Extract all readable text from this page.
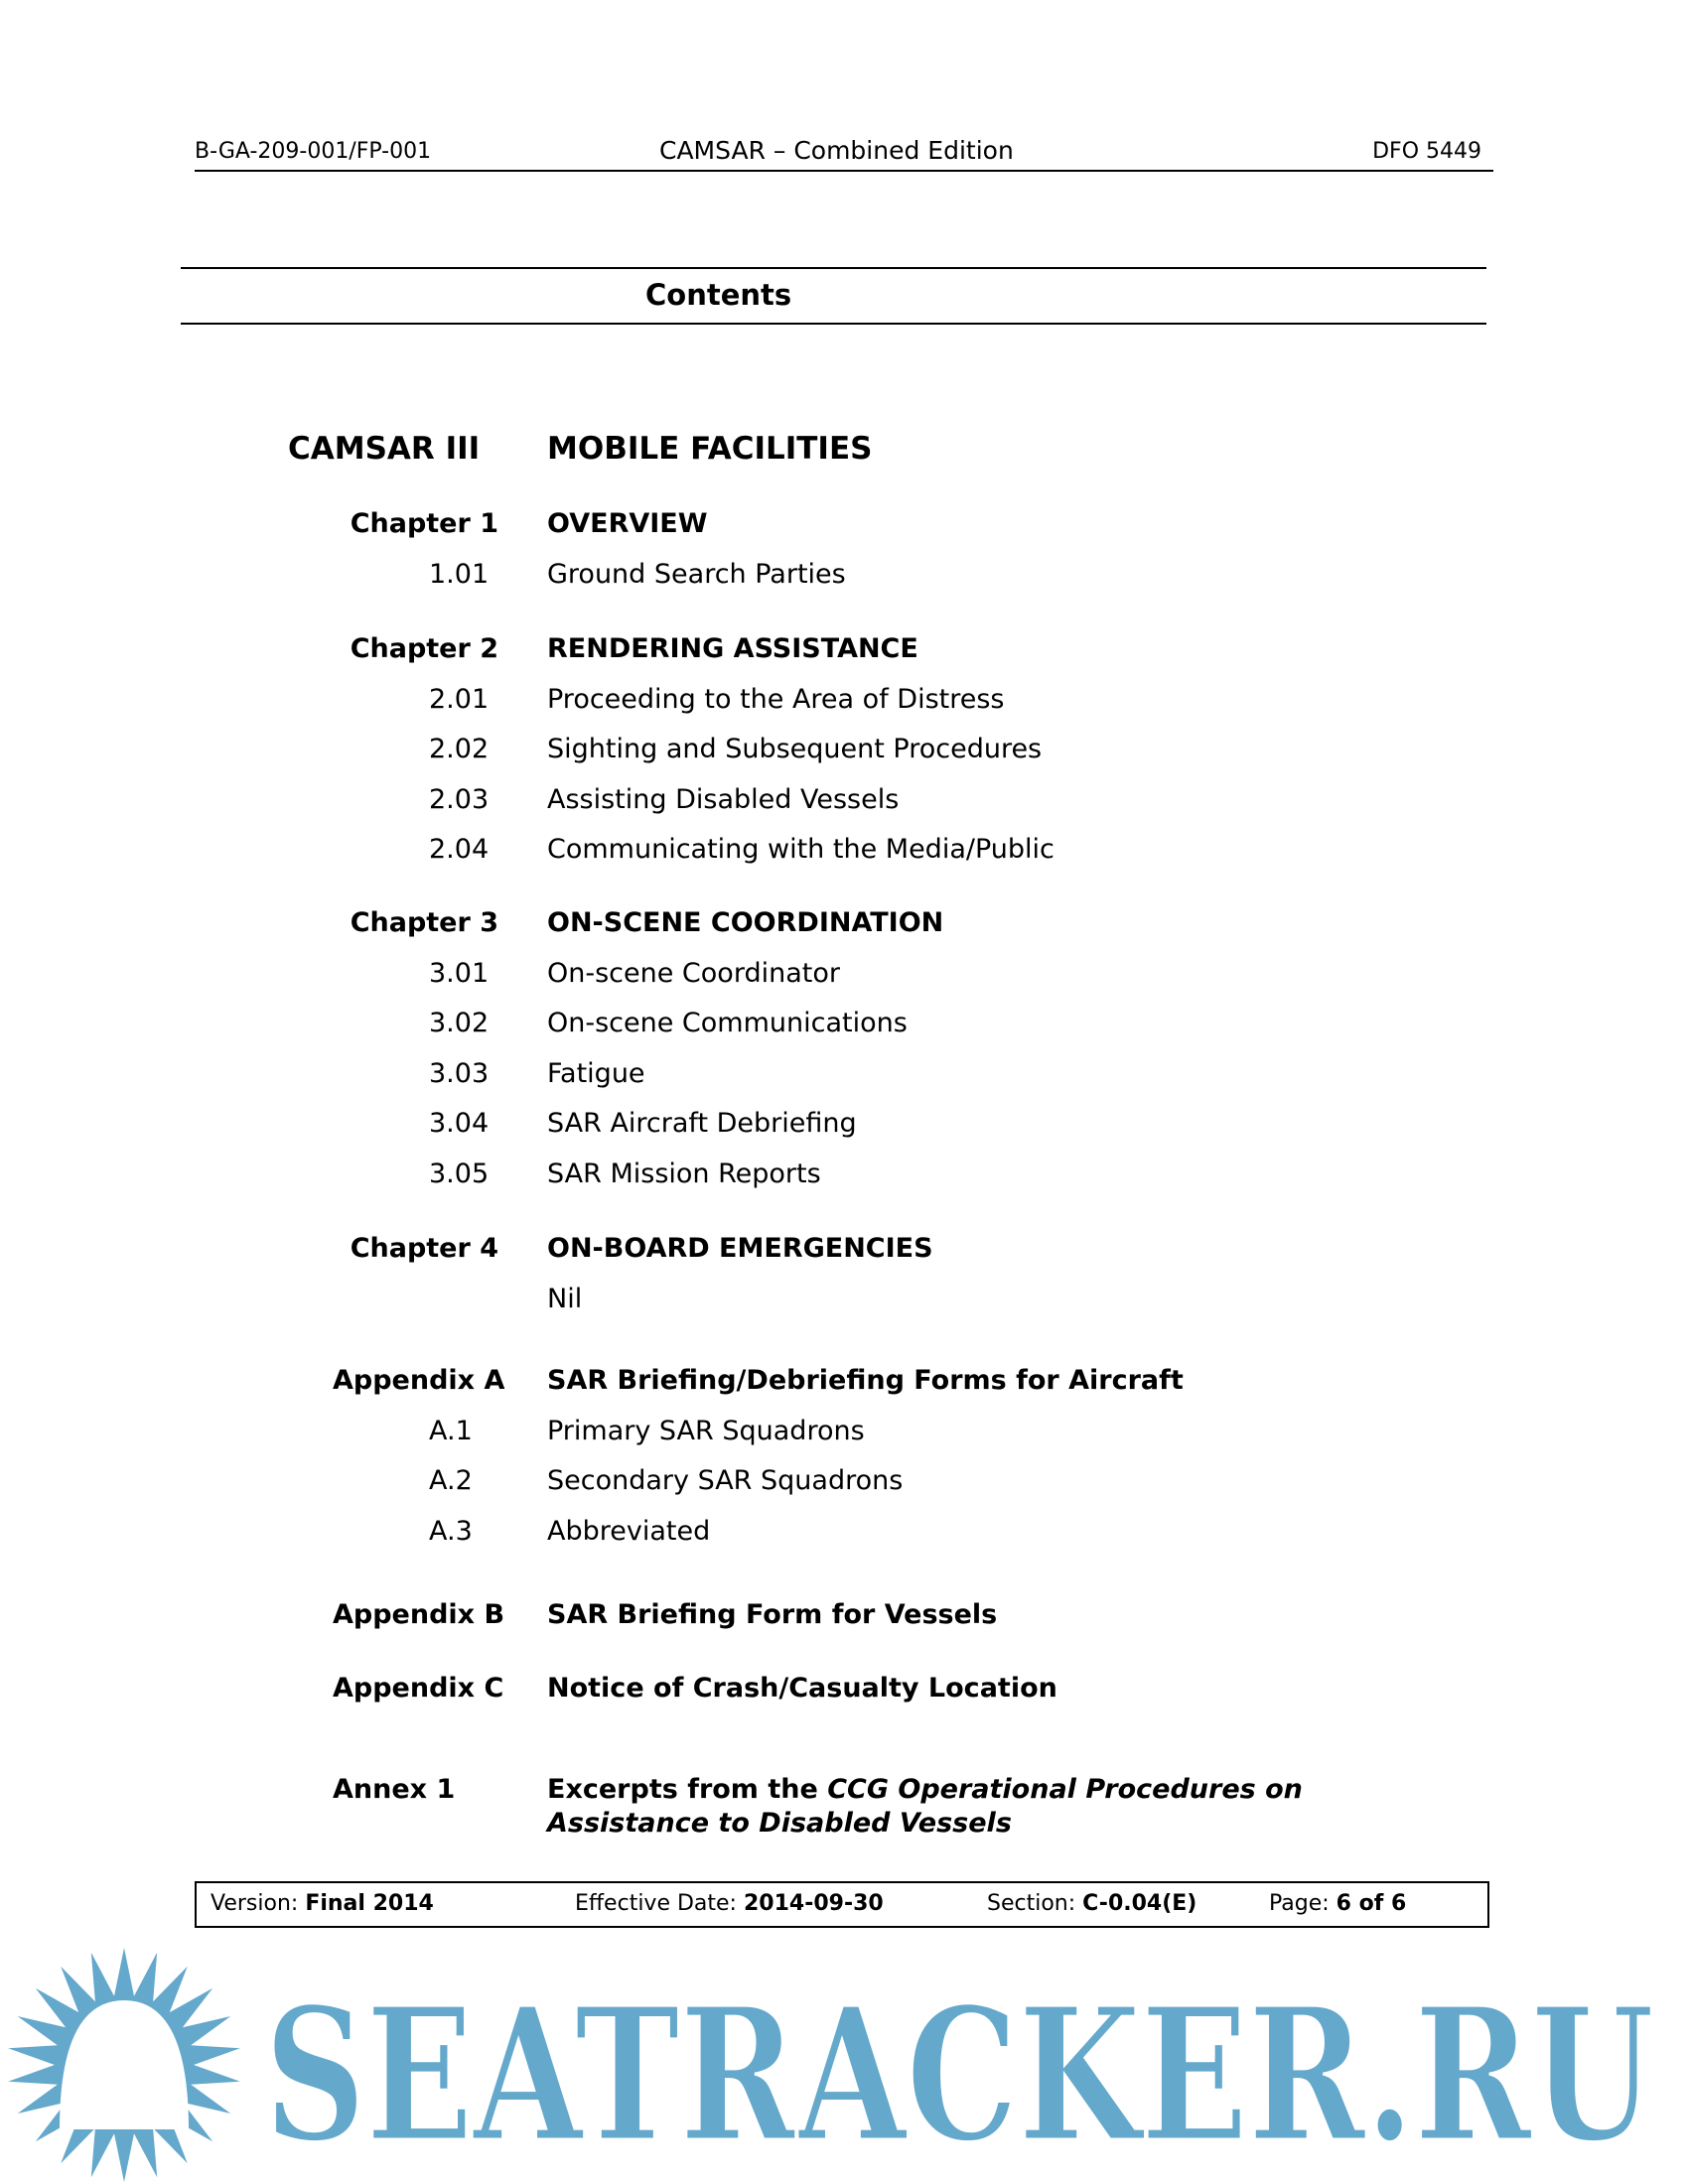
B-GA-209-001/FP-001	CAMSAR – Combined Edition	DFO 5449
Contents
CAMSAR III MOBILE FACILITIES
Chapter 1 OVERVIEW
1.01 Ground Search Parties
Chapter 2 RENDERING ASSISTANCE
2.01 Proceeding to the Area of Distress
2.02 Sighting and Subsequent Procedures
2.03 Assisting Disabled Vessels
2.04 Communicating with the Media/Public
Chapter 3 ON-SCENE COORDINATION
3.01 On-scene Coordinator
3.02 On-scene Communications
3.03 Fatigue
3.04 SAR Aircraft Debriefing
3.05 SAR Mission Reports
Chapter 4 ON-BOARD EMERGENCIES
Nil
Appendix A SAR Briefing/Debriefing Forms for Aircraft
A.1	Primary SAR Squadrons
A.2	Secondary SAR Squadrons
A.3	Abbreviated
Appendix B SAR Briefing Form for Vessels
Appendix C Notice of Crash/Casualty Location
Annex 1	Excerpts from the CCG Operational Procedures on
Assistance to Disabled Vessels
Version: Final 2014	Effective Date: 2014-09-30	Section: C-0.04(E)	Page: 6 of 6
SEATRACKER.RU
